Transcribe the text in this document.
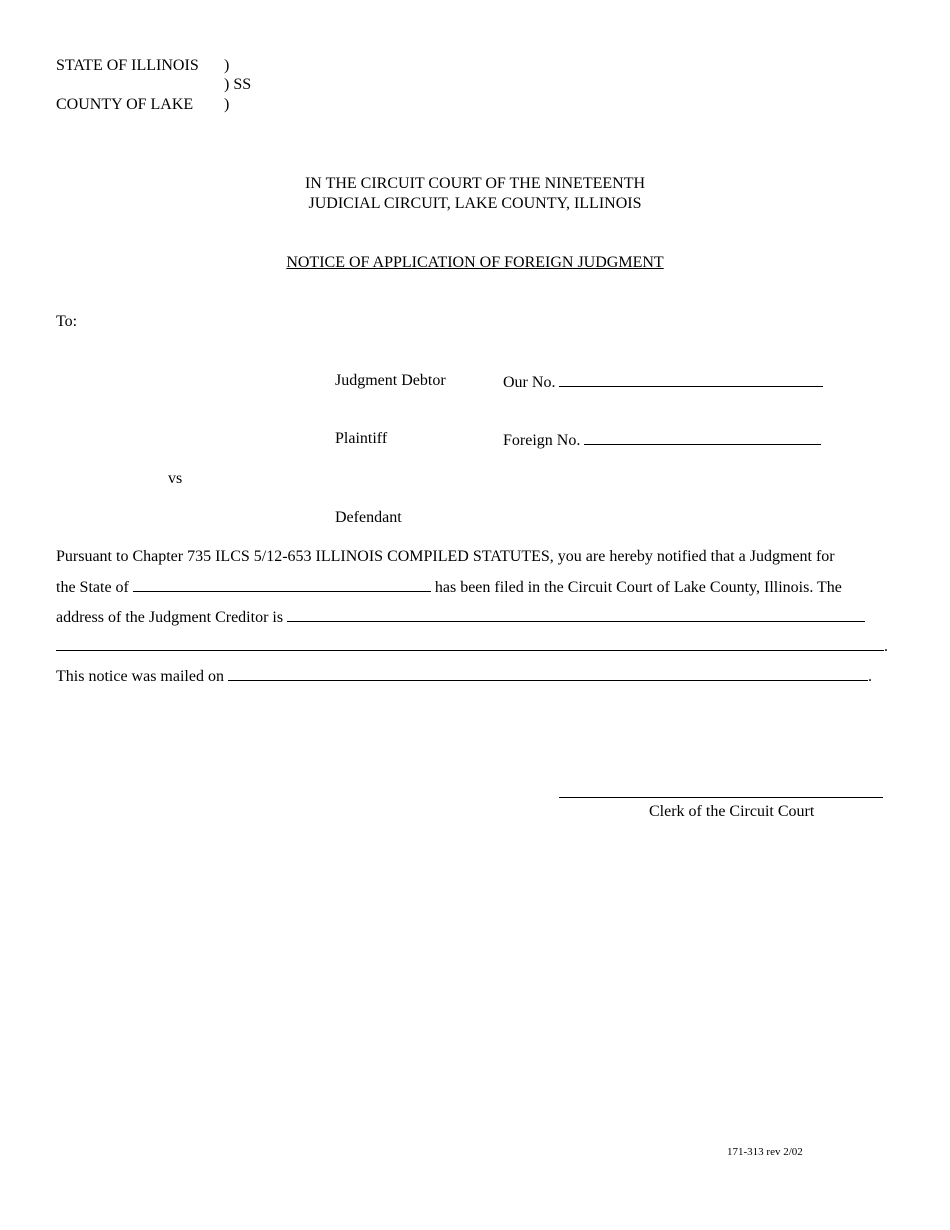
STATE OF ILLINOIS )
) SS
COUNTY OF LAKE )
IN THE CIRCUIT COURT OF THE NINETEENTH
JUDICIAL CIRCUIT, LAKE COUNTY, ILLINOIS
NOTICE OF APPLICATION OF FOREIGN JUDGMENT
To:
Judgment Debtor	Our No.
Plaintiff	Foreign No.
vs
Defendant
Pursuant to Chapter 735 ILCS 5/12-653 ILLINOIS COMPILED STATUTES, you are hereby notified that a Judgment for
the State of	has been filed in the Circuit Court of Lake County, Illinois. The
address of the Judgment Creditor is
.
This notice was mailed on	.
Clerk of the Circuit Court
171-313 rev 2/02
